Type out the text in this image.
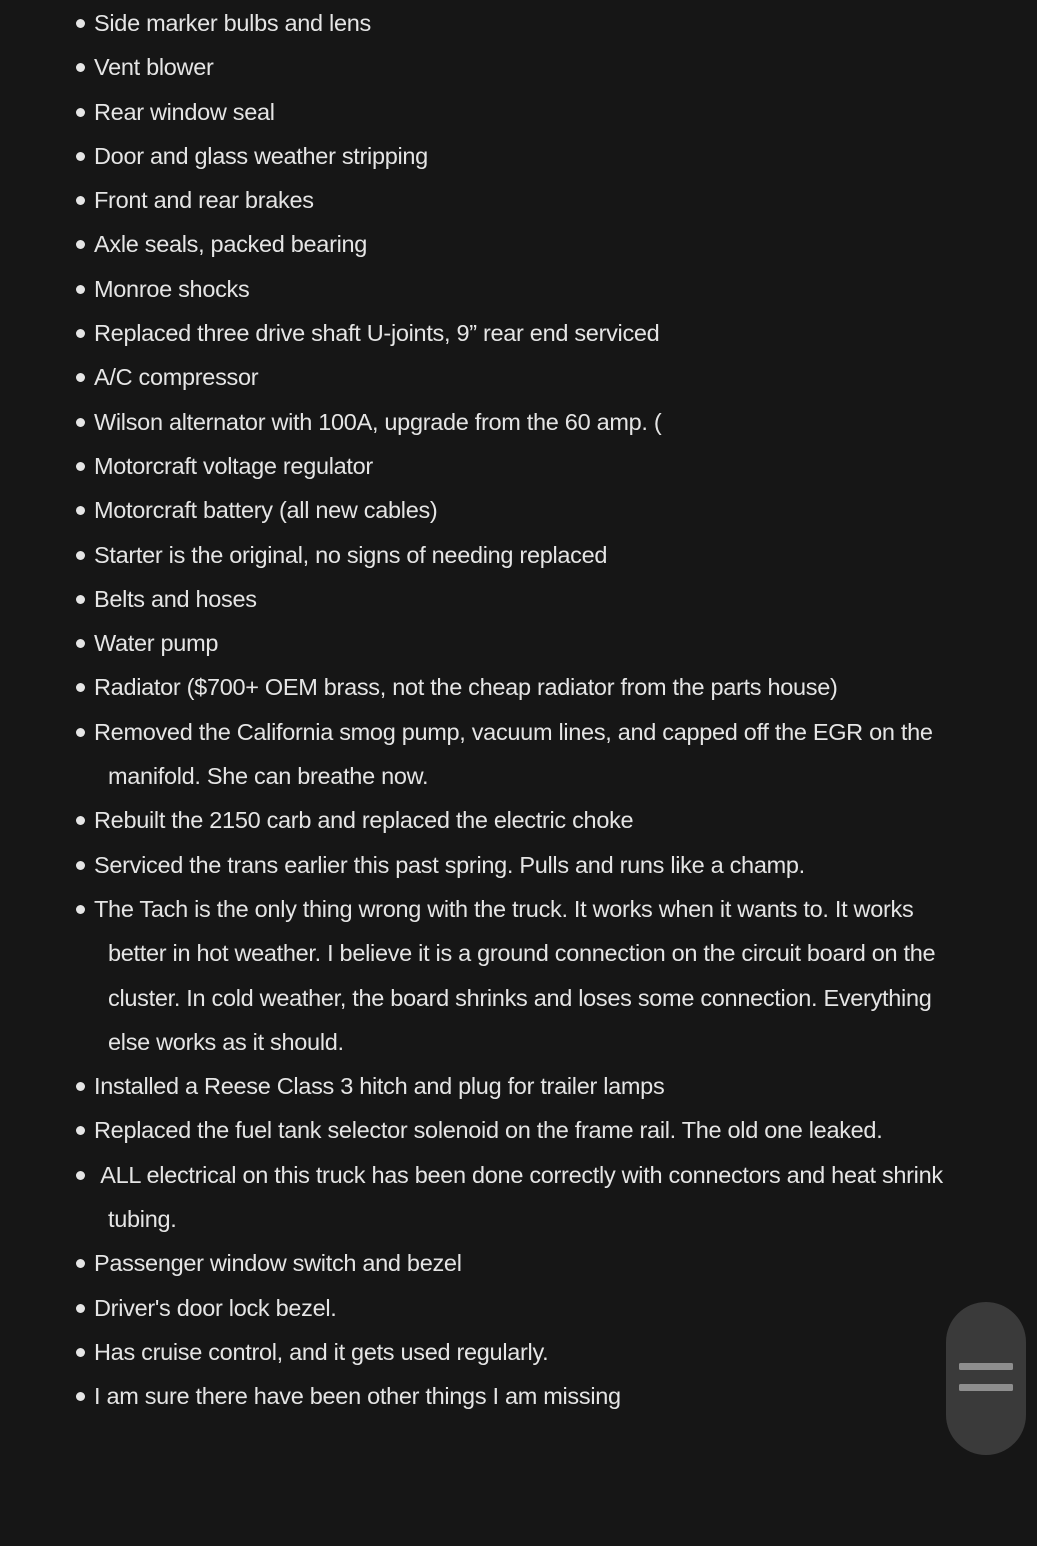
Side marker bulbs and lens
Vent blower
Rear window seal
Door and glass weather stripping
Front and rear brakes
Axle seals, packed bearing
Monroe shocks
Replaced three drive shaft U-joints, 9” rear end serviced
A/C compressor
Wilson alternator with 100A, upgrade from the 60 amp. (
Motorcraft voltage regulator
Motorcraft battery (all new cables)
Starter is the original, no signs of needing replaced
Belts and hoses
Water pump
Radiator ($700+ OEM brass, not the cheap radiator from the parts house)
Removed the California smog pump, vacuum lines, and capped off the EGR on the manifold. She can breathe now.
Rebuilt the 2150 carb and replaced the electric choke
Serviced the trans earlier this past spring. Pulls and runs like a champ.
The Tach is the only thing wrong with the truck. It works when it wants to. It works better in hot weather. I believe it is a ground connection on the circuit board on the cluster. In cold weather, the board shrinks and loses some connection. Everything else works as it should.
Installed a Reese Class 3 hitch and plug for trailer lamps
Replaced the fuel tank selector solenoid on the frame rail. The old one leaked.
ALL electrical on this truck has been done correctly with connectors and heat shrink tubing.
Passenger window switch and bezel
Driver's door lock bezel.
Has cruise control, and it gets used regularly.
I am sure there have been other things I am missing
